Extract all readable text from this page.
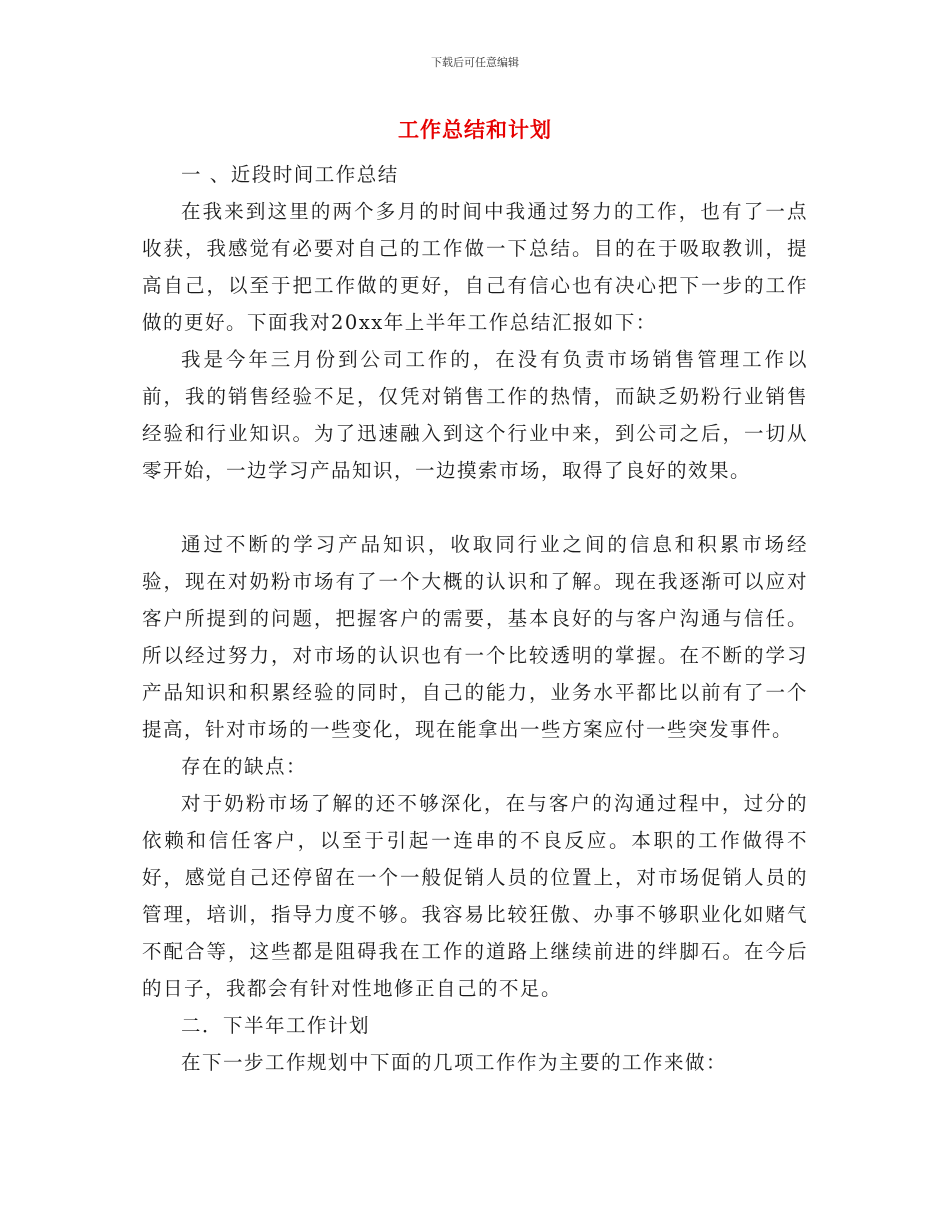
下载后可任意编辑
工作总结和计划

一 、近段时间工作总结

在我来到这里的两个多月的时间中我通过努力的工作，也有了一点收获，我感觉有必要对自己的工作做一下总结。目的在于吸取教训，提高自己，以至于把工作做的更好，自己有信心也有决心把下一步的工作做的更好。下面我对20xx年上半年工作总结汇报如下：

我是今年三月份到公司工作的，在没有负责市场销售管理工作以前，我的销售经验不足，仅凭对销售工作的热情，而缺乏奶粉行业销售经验和行业知识。为了迅速融入到这个行业中来，到公司之后，一切从零开始，一边学习产品知识，一边摸索市场，取得了良好的效果。

通过不断的学习产品知识，收取同行业之间的信息和积累市场经验，现在对奶粉市场有了一个大概的认识和了解。现在我逐渐可以应对客户所提到的问题，把握客户的需要，基本良好的与客户沟通与信任。所以经过努力，对市场的认识也有一个比较透明的掌握。在不断的学习产品知识和积累经验的同时，自己的能力，业务水平都比以前有了一个提高，针对市场的一些变化，现在能拿出一些方案应付一些突发事件。

存在的缺点：

对于奶粉市场了解的还不够深化，在与客户的沟通过程中，过分的依赖和信任客户，以至于引起一连串的不良反应。本职的工作做得不好，感觉自己还停留在一个一般促销人员的位置上，对市场促销人员的管理，培训，指导力度不够。我容易比较狂傲、办事不够职业化如赌气不配合等，这些都是阻碍我在工作的道路上继续前进的绊脚石。在今后的日子，我都会有针对性地修正自己的不足。

二．下半年工作计划

在下一步工作规划中下面的几项工作作为主要的工作来做：
